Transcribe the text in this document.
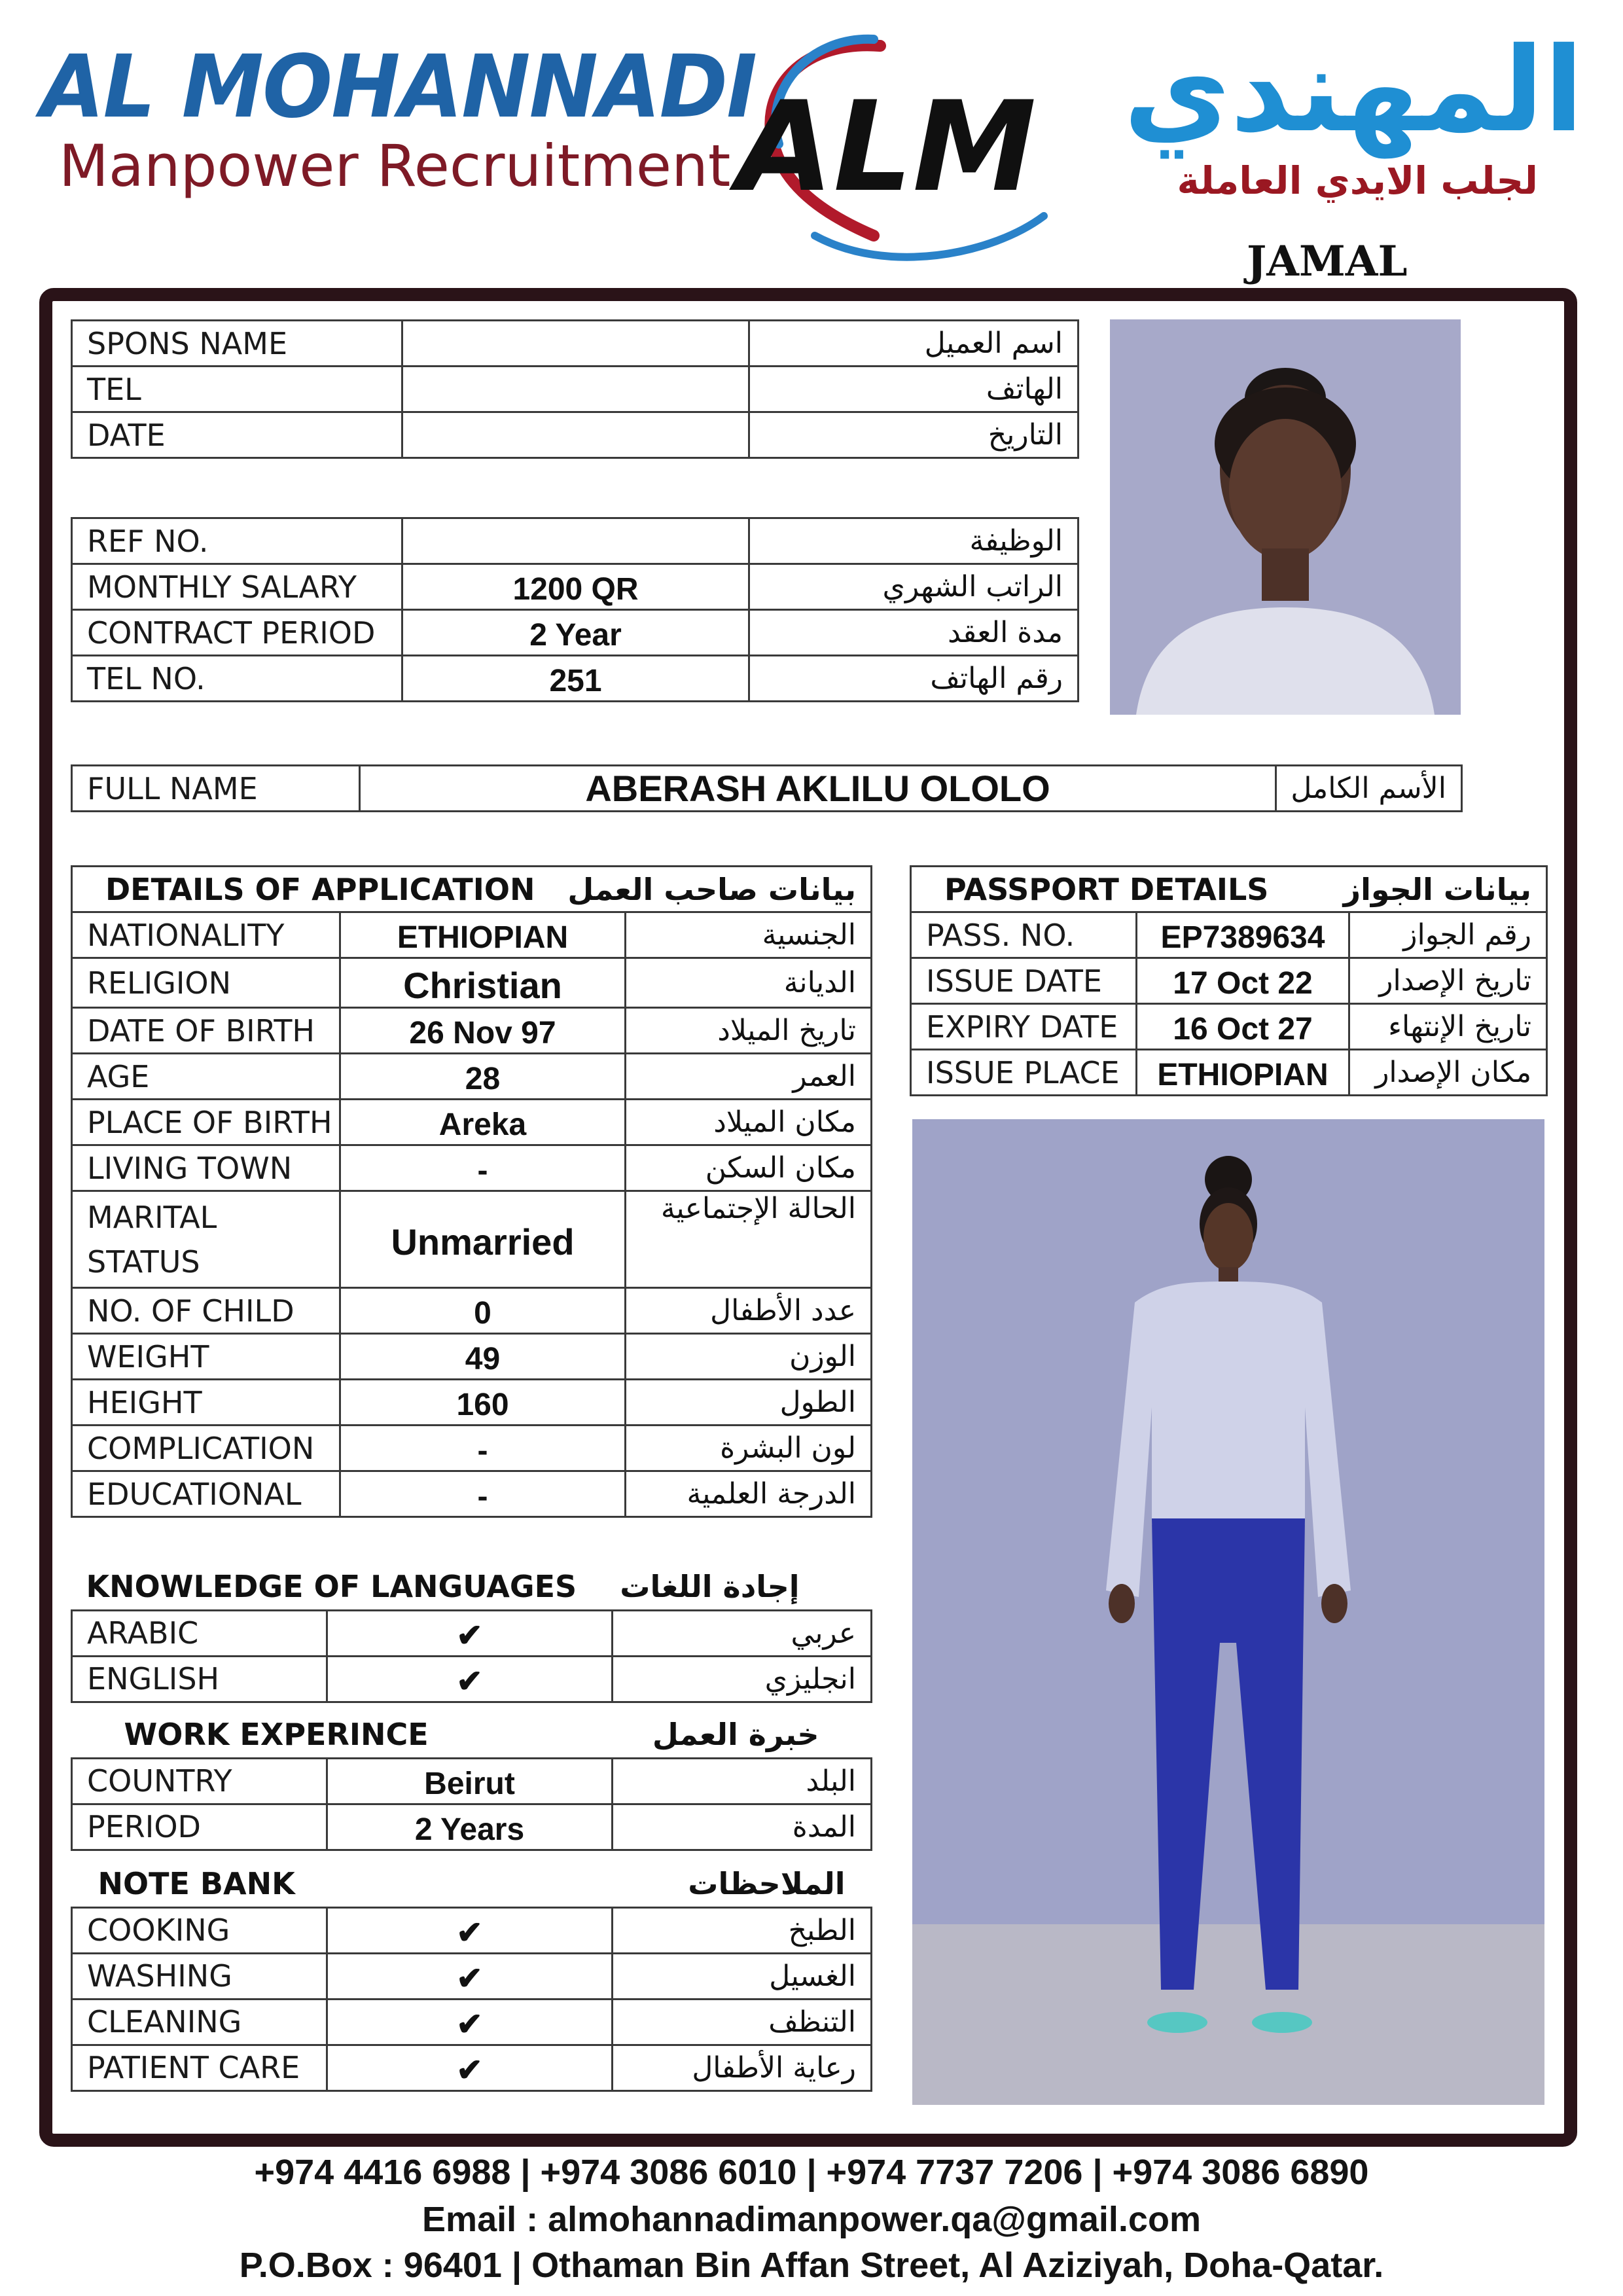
AL MOHANNADI
Manpower Recruitment ALM المهندي
لجلب الايدي العاملة
JAMAL
SPONS NAME		اسم العميل
TEL		الهاتف
DATE		التاريخ
REF NO.		الوظيفة
MONTHLY SALARY	1200 QR	الراتب الشهري
CONTRACT PERIOD	2 Year	مدة العقد
TEL NO.	251	رقم الهاتف
FULL NAME	ABERASH AKLILU OLOLO	الأسم الكامل
DETAILS OF APPLICATION		بيانات صاحب العمل
NATIONALITY	ETHIOPIAN	الجنسية
RELIGION	Christian	الديانة
DATE OF BIRTH	26 Nov 97	تاريخ الميلاد
AGE	28	العمر
PLACE OF BIRTH	Areka	مكان الميلاد
LIVING TOWN	-	مكان السكن

MARITAL
STATUS	Unmarried	الحالة الإجتماعية
NO. OF CHILD	0	عدد الأطفال
WEIGHT	49	الوزن
HEIGHT	160	الطول
COMPLICATION	-	لون البشرة
EDUCATIONAL	-	الدرجة العلمية
KNOWLEDGE OF LANGUAGES		إجادة اللغات
ARABIC	✔	عربي
ENGLISH	✔	انجليزي
WORK EXPERINCE		خبرة العمل
COUNTRY	Beirut	البلد
PERIOD	2 Years	المدة
NOTE BANK		الملاحظات
COOKING	✔	الطبخ
WASHING	✔	الغسيل
CLEANING	✔	التنظف
PATIENT CARE	✔	رعاية الأطفال
PASSPORT DETAILS		بيانات الجواز
PASS. NO.	EP7389634	رقم الجواز
ISSUE DATE	17 Oct 22	تاريخ الإصدار
EXPIRY DATE	16 Oct 27	تاريخ الإنتهاء
ISSUE PLACE	ETHIOPIAN	مكان الإصدار
+974 4416 6988 | +974 3086 6010 | +974 7737 7206 | +974 3086 6890
Email : almohannadimanpower.qa@gmail.com
P.O.Box : 96401 | Othaman Bin Affan Street, Al Aziziyah, Doha-Qatar.
